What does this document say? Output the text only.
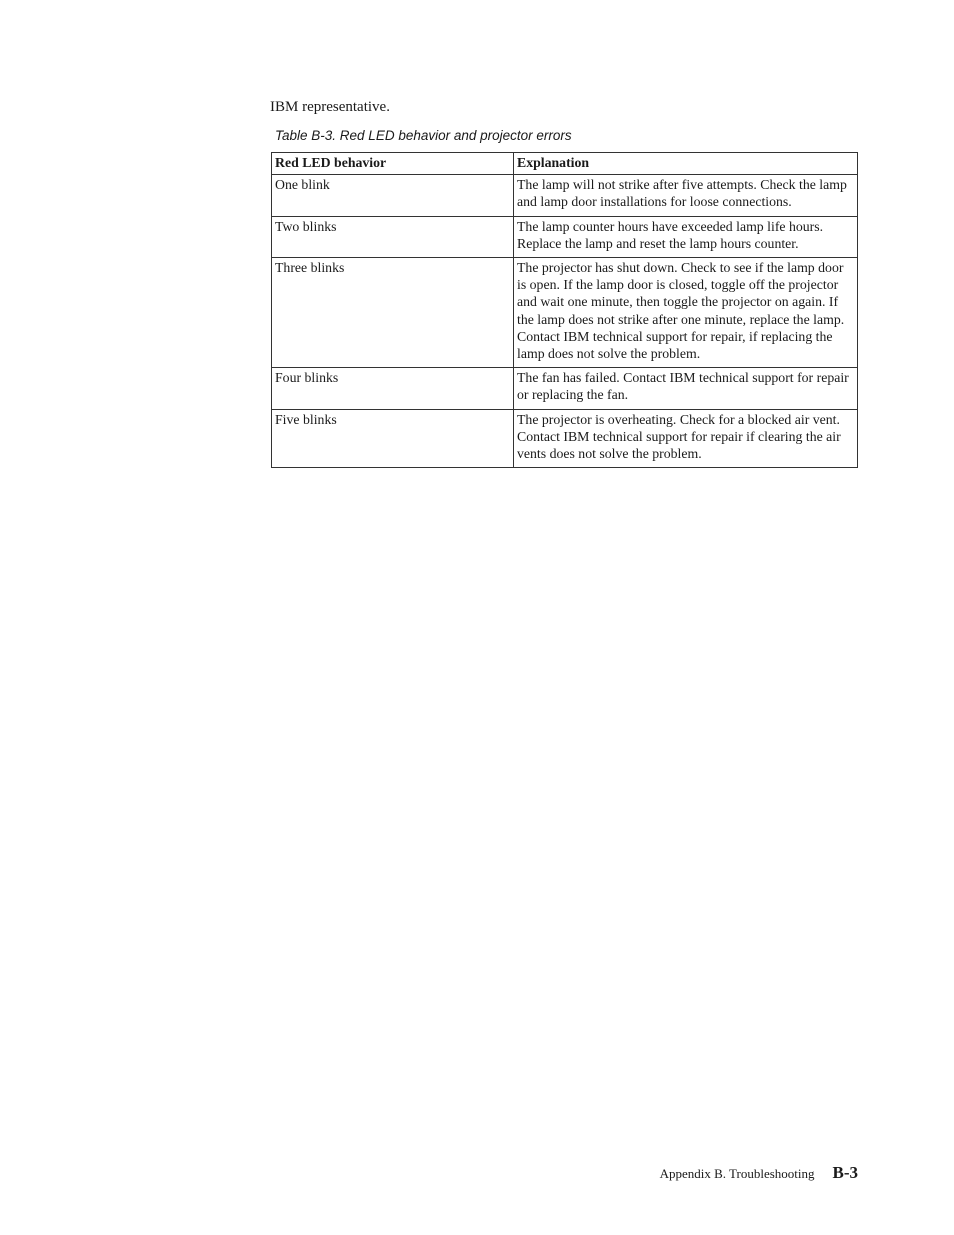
IBM representative.

Table B-3. Red LED behavior and projector errors
Red LED behavior	Explanation
One blink	The lamp will not strike after five attempts. Check the lamp and lamp door installations for loose connections.
Two blinks	The lamp counter hours have exceeded lamp life hours. Replace the lamp and reset the lamp hours counter.
Three blinks	The projector has shut down. Check to see if the lamp door is open. If the lamp door is closed, toggle off the projector and wait one minute, then toggle the projector on again. If the lamp does not strike after one minute, replace the lamp. Contact IBM technical support for repair, if replacing the lamp does not solve the problem.
Four blinks	The fan has failed. Contact IBM technical support for repair or replacing the fan.
Five blinks	The projector is overheating. Check for a blocked air vent. Contact IBM technical support for repair if clearing the air vents does not solve the problem.
Appendix B. Troubleshooting B-3
